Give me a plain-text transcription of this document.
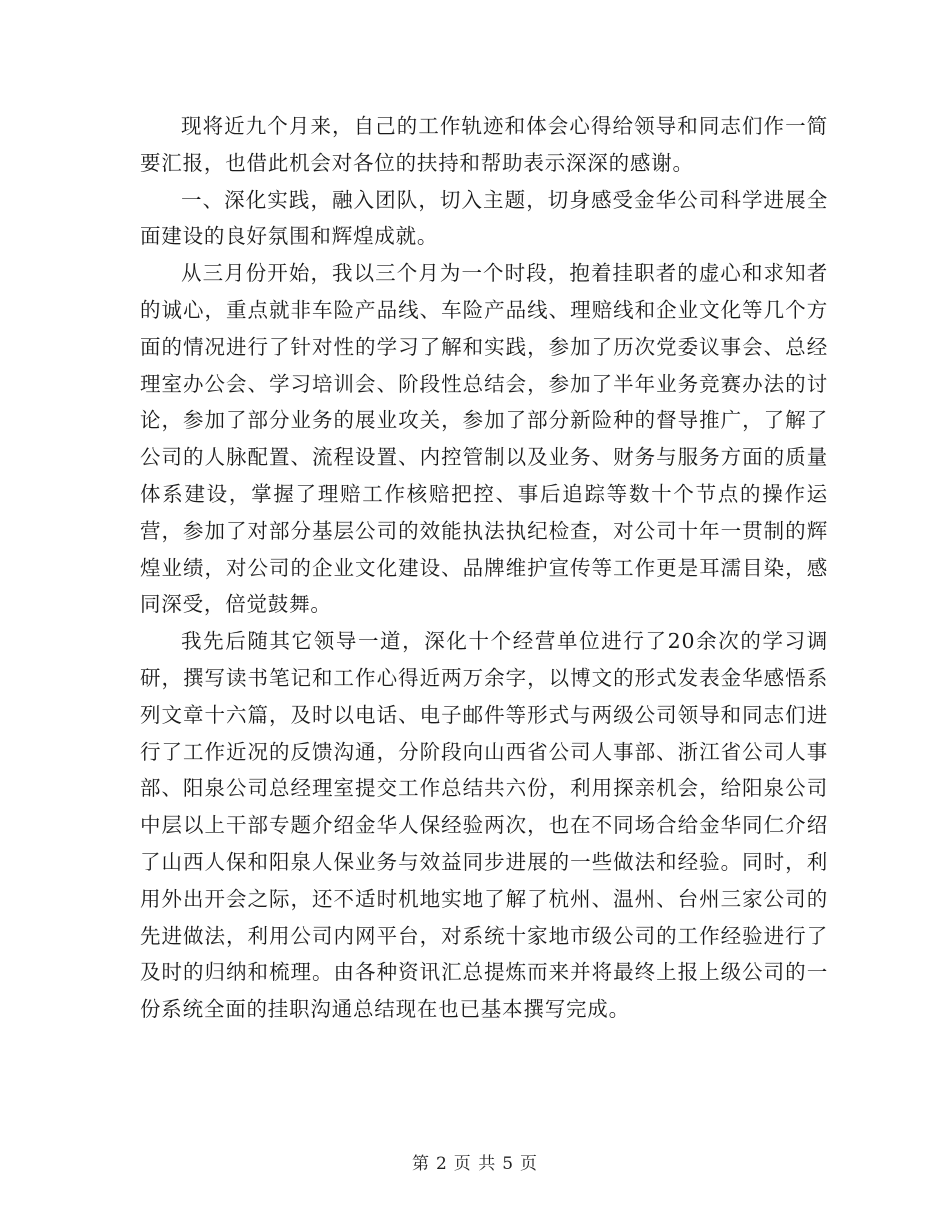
现将近九个月来，自己的工作轨迹和体会心得给领导和同志们作一简要汇报，也借此机会对各位的扶持和帮助表示深深的感谢。

一、深化实践，融入团队，切入主题，切身感受金华公司科学进展全面建设的良好氛围和辉煌成就。

从三月份开始，我以三个月为一个时段，抱着挂职者的虚心和求知者的诚心，重点就非车险产品线、车险产品线、理赔线和企业文化等几个方面的情况进行了针对性的学习了解和实践，参加了历次党委议事会、总经理室办公会、学习培训会、阶段性总结会，参加了半年业务竞赛办法的讨论，参加了部分业务的展业攻关，参加了部分新险种的督导推广，了解了公司的人脉配置、流程设置、内控管制以及业务、财务与服务方面的质量体系建设，掌握了理赔工作核赔把控、事后追踪等数十个节点的操作运营，参加了对部分基层公司的效能执法执纪检查，对公司十年一贯制的辉煌业绩，对公司的企业文化建设、品牌维护宣传等工作更是耳濡目染，感同深受，倍觉鼓舞。

我先后随其它领导一道，深化十个经营单位进行了20余次的学习调研，撰写读书笔记和工作心得近两万余字，以博文的形式发表金华感悟系列文章十六篇，及时以电话、电子邮件等形式与两级公司领导和同志们进行了工作近况的反馈沟通，分阶段向山西省公司人事部、浙江省公司人事部、阳泉公司总经理室提交工作总结共六份，利用探亲机会，给阳泉公司中层以上干部专题介绍金华人保经验两次，也在不同场合给金华同仁介绍了山西人保和阳泉人保业务与效益同步进展的一些做法和经验。同时，利用外出开会之际，还不适时机地实地了解了杭州、温州、台州三家公司的先进做法，利用公司内网平台，对系统十家地市级公司的工作经验进行了及时的归纳和梳理。由各种资讯汇总提炼而来并将最终上报上级公司的一份系统全面的挂职沟通总结现在也已基本撰写完成。

第 2 页 共 5 页
